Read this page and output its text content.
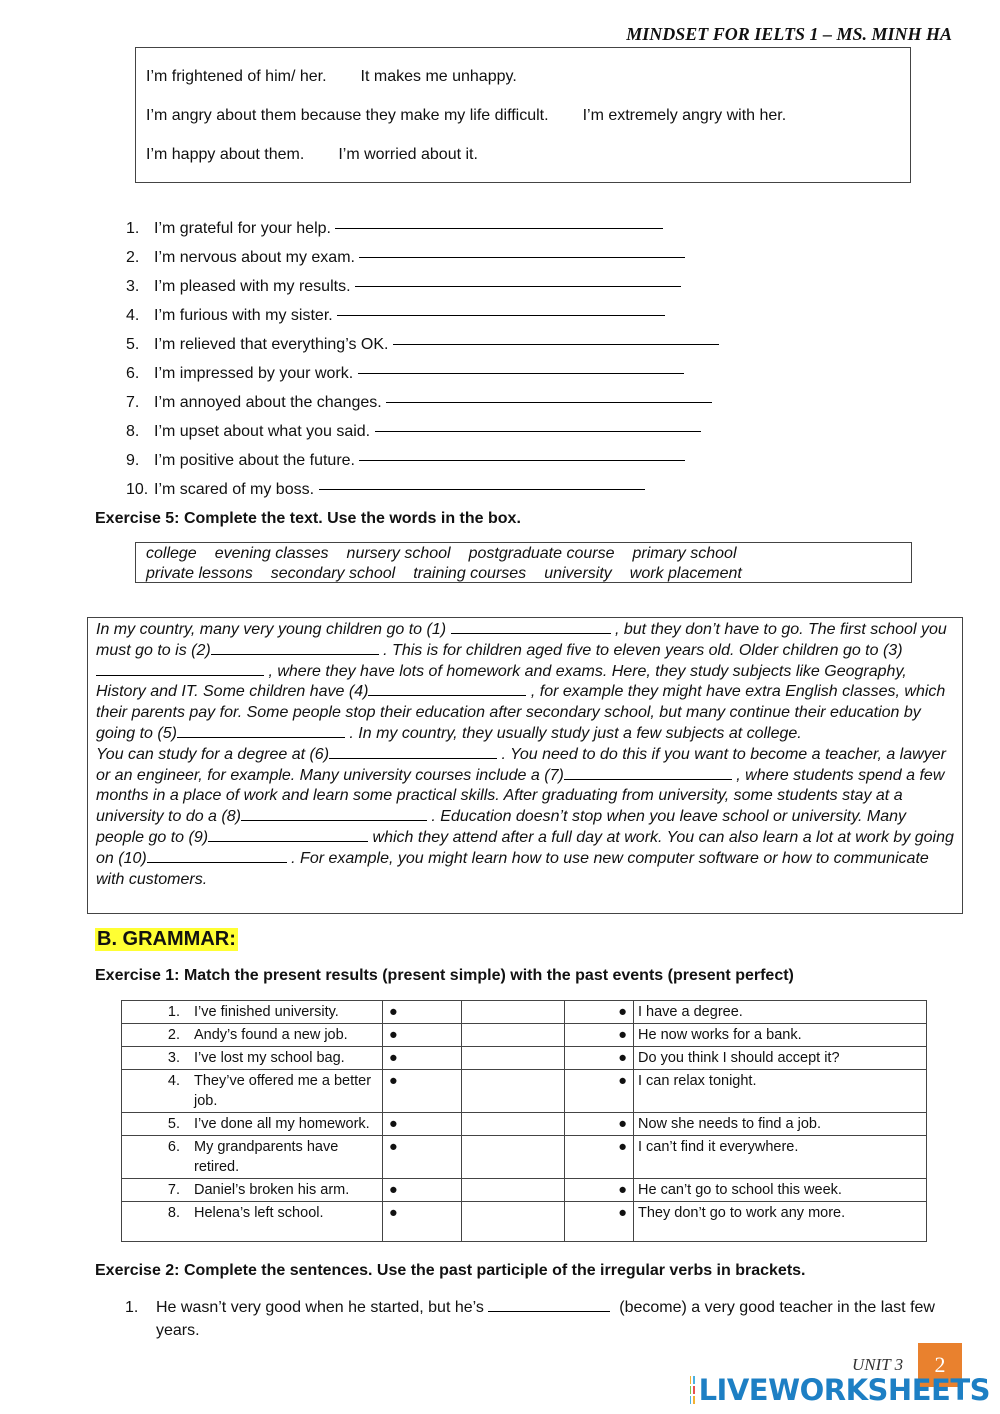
MINDSET FOR IELTS 1 – MS. MINH HA
I’m frightened of him/ her. It makes me unhappy.
I’m angry about them because they make my life difficult. I’m extremely angry with her.
I’m happy about them. I’m worried about it.
1. I’m grateful for your help.

2. I’m nervous about my exam.

3. I’m pleased with my results.

4. I’m furious with my sister.

5. I’m relieved that everything’s OK.

6. I’m impressed by your work.

7. I’m annoyed about the changes.

8. I’m upset about what you said.

9. I’m positive about the future.

10. I’m scared of my boss.

Exercise 5: Complete the text. Use the words in the box.
college evening classes nursery school postgraduate course primary school
private lessons secondary school training courses university work placement
In my country, many very young children go to (1)	, but they don’t have to go. The first school you must go to is (2)	. This is for children aged five to eleven years old. Older children go to (3) , where they have lots of homework and exams. Here, they study subjects like Geography, History and IT. Some children have (4)	, for example they might have extra English classes, which their parents pay for. Some people stop their education after secondary school, but many continue their education by going to (5)	. In my country, they usually study just a few subjects at college.
You can study for a degree at (6)	. You need to do this if you want to become a teacher, a lawyer or an engineer, for example. Many university courses include a (7)	, where students spend a few months in a place of work and learn some practical skills. After graduating from university, some students stay at a university to do a (8)	. Education doesn’t stop when you leave school or university. Many people go to (9)	which they attend after a full day at work. You can also learn a lot at work by going on (10)	. For example, you might learn how to use new computer software or how to communicate with customers.
B. GRAMMAR:
Exercise 1: Match the present results (present simple) with the past events (present perfect)
1.	I’ve finished university.	●		●	I have a degree.
2.	Andy’s found a new job.	●		●	He now works for a bank.
3.	I’ve lost my school bag.	●		●	Do you think I should accept it?
4.	They’ve offered me a better job.	●		●	I can relax tonight.
5.	I’ve done all my homework.	●		●	Now she needs to find a job.
6.	My grandparents have retired.	●		●	I can’t find it everywhere.
7.	Daniel’s broken his arm.	●		●	He can’t go to school this week.
8.	Helena’s left school.	●		●	They don’t go to work any more.
Exercise 2: Complete the sentences. Use the past participle of the irregular verbs in brackets.
1. He wasn’t very good when he started, but he’s	(become) a very good teacher in the last few years.
UNIT 3	2
LIVEWORKSHEETS
